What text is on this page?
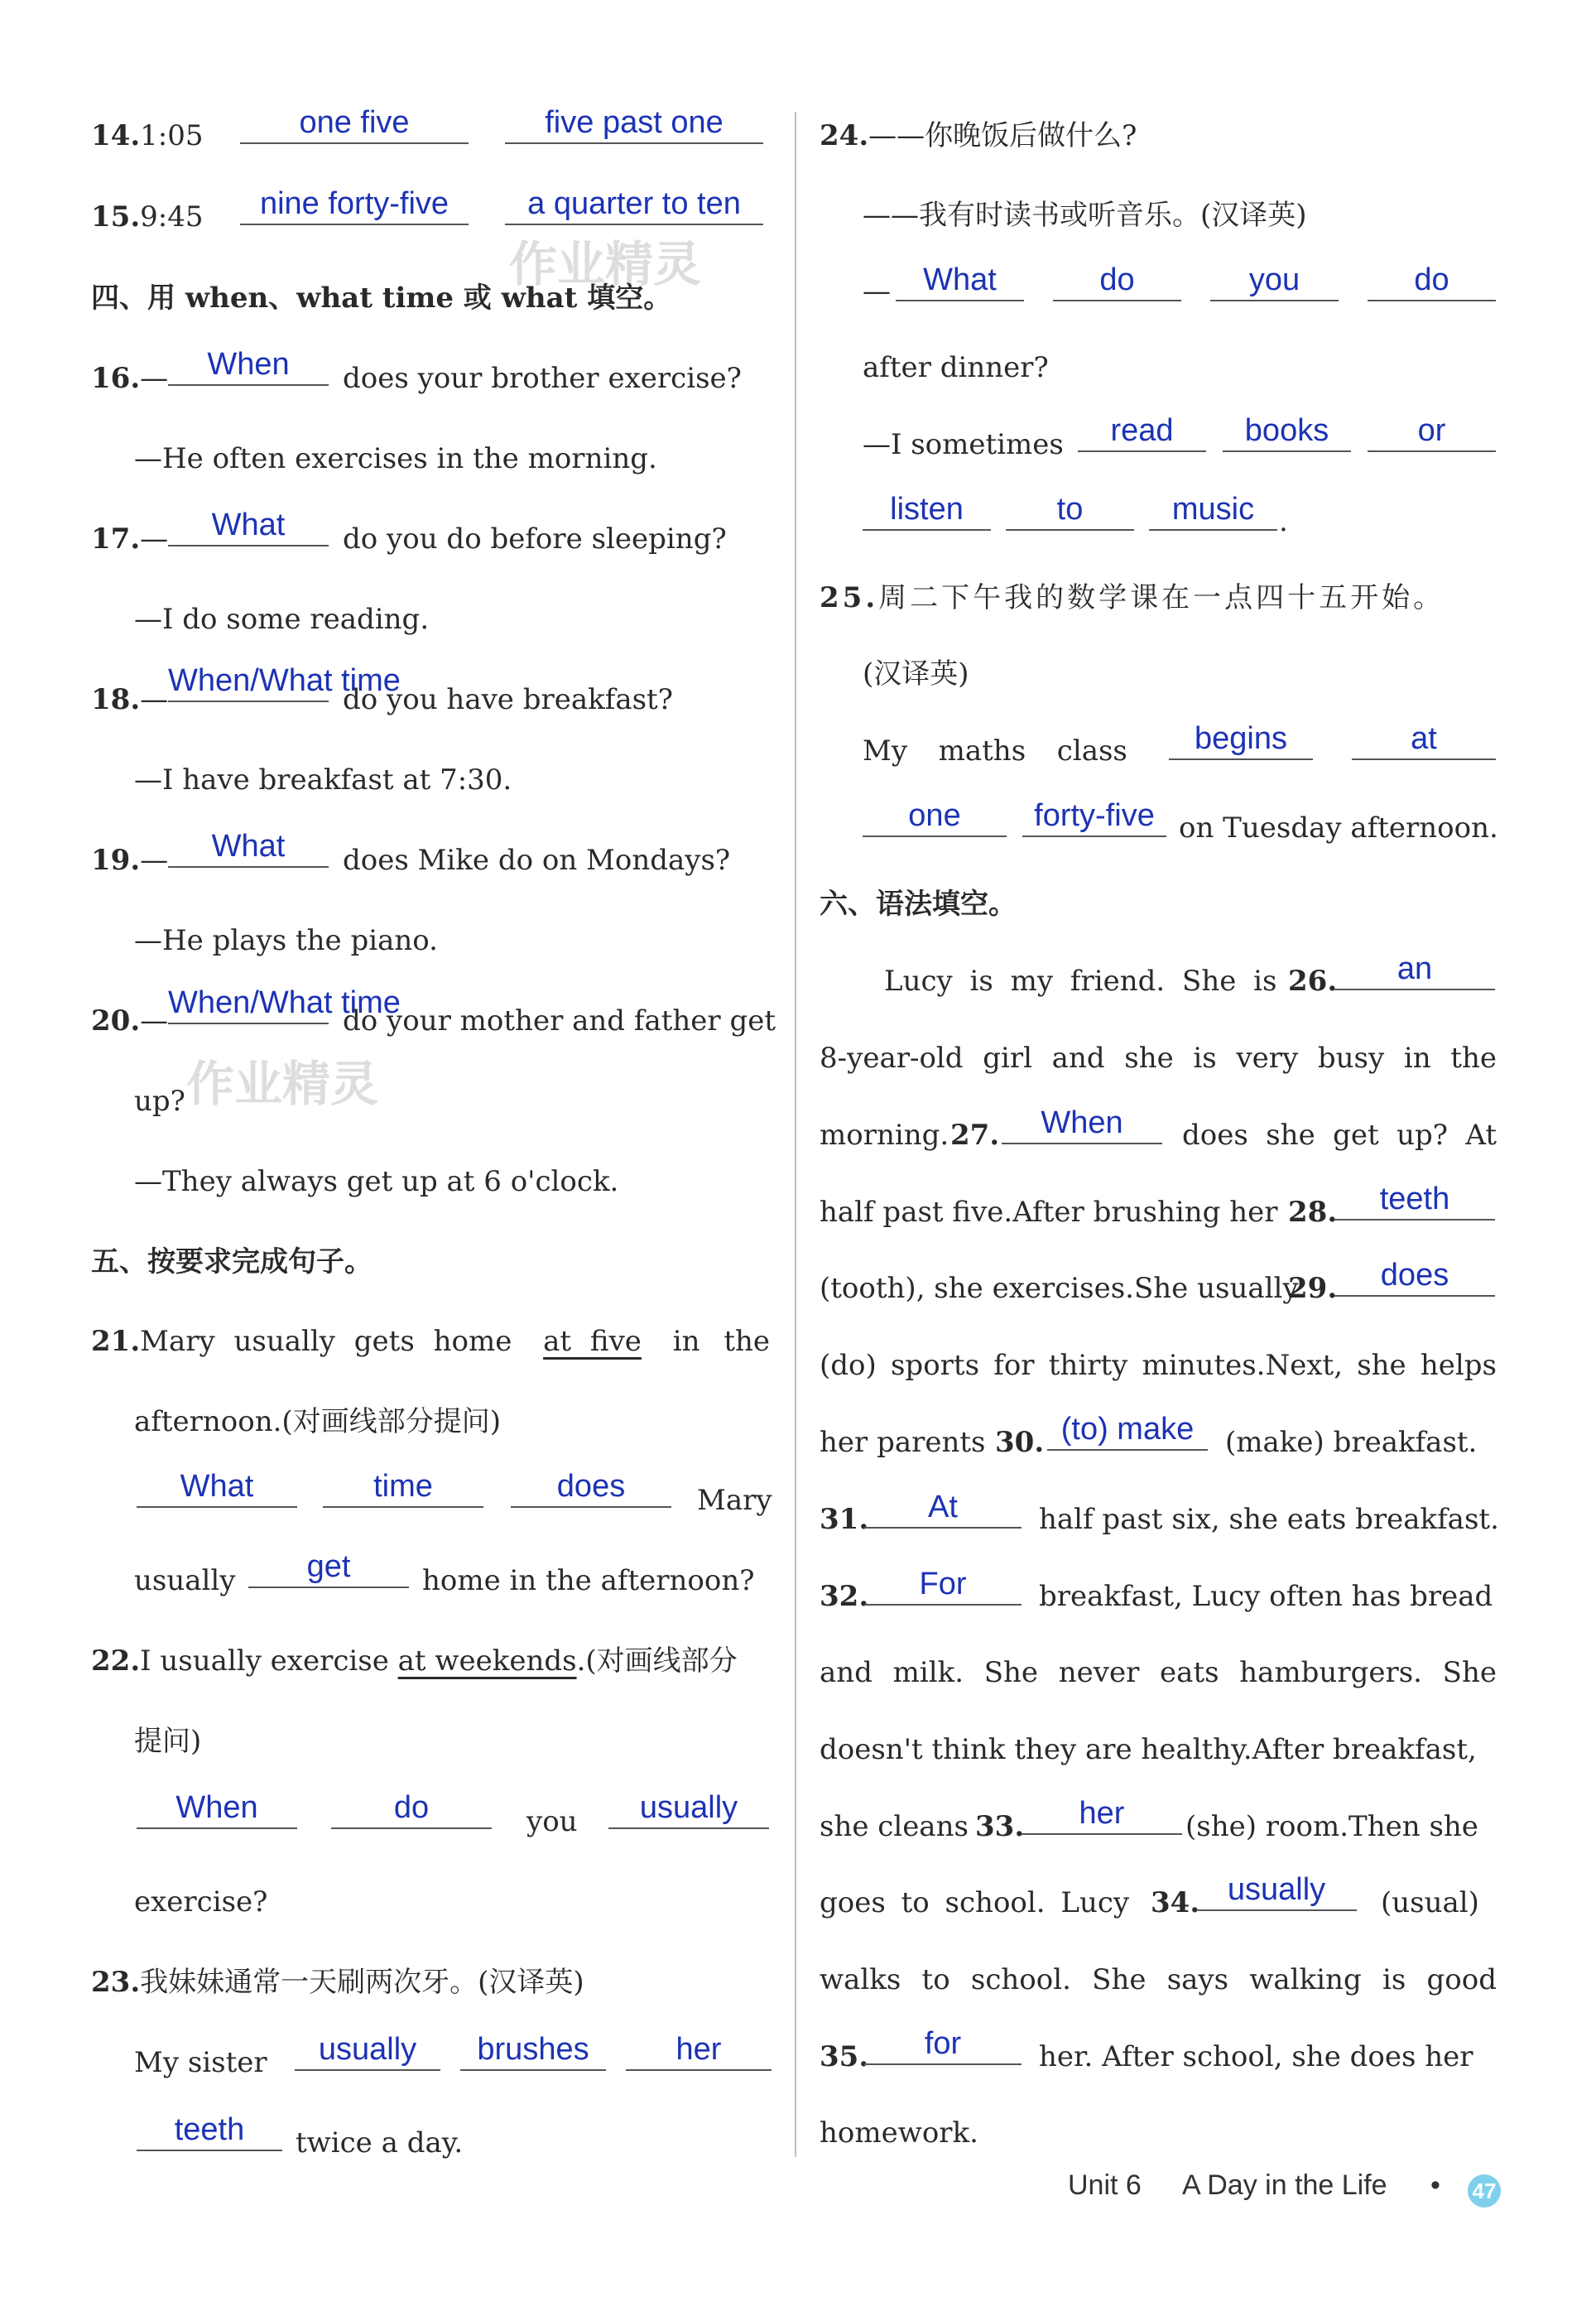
14.1:05	one five	five past one
15.9:45	nine forty-five	a quarter to ten
作业精灵
四、用 when、what time 或 what 填空。
16.—	When	does your brother exercise?
—He often exercises in the morning.
17.—	What	do you do before sleeping?
—I do some reading.
18.—
When/What time
do you have breakfast?
—I have breakfast at 7:30.
19.—	What	does Mike do on Mondays?
—He plays the piano.
20.—
When/What time
do your mother and father get
up? 作业精灵
—They always get up at 6 o'clock.
五、按要求完成句子。
21.Mary usually gets home at five in the
afternoon.(对画线部分提问)
What	time	does	Mary
usually	get	home in the afternoon?
22.I usually exercise at weekends.(对画线部分
提问)
When	do	you	usually
exercise?
23.我妹妹通常一天刷两次牙。(汉译英)
My sister	usually	brushes	her
teeth	twice a day.
24.——你晚饭后做什么?
——我有时读书或听音乐。(汉译英)
—	What	do	you	do
after dinner?
—I sometimes	read	books	or
listen	to	music .
25.周二下午我的数学课在一点四十五开始。
(汉译英)
My  maths  class	begins	at
one	forty-five on Tuesday afternoon.
六、语法填空。
Lucy is my friend. She is 26.	an
8-year-old girl and she is very busy in the
morning. 27.	When	does she get up? At
half past five.After brushing her 28.	teeth
(tooth), she exercises.She usually
29.	does
(do) sports for thirty minutes.Next, she helps
her parents 30. (to) make	(make) breakfast.
31.	At	half past six, she eats breakfast.
32.	For	breakfast, Lucy often has bread
and milk. She never eats hamburgers. She
doesn't think they are healthy.After breakfast,
she cleans 33.	her	(she) room.Then she
goes to school. Lucy 34. usually	(usual)
walks to school. She says walking is good
35.	for	her. After school, she does her
homework.
Unit 6 A Day in the Life • 47
